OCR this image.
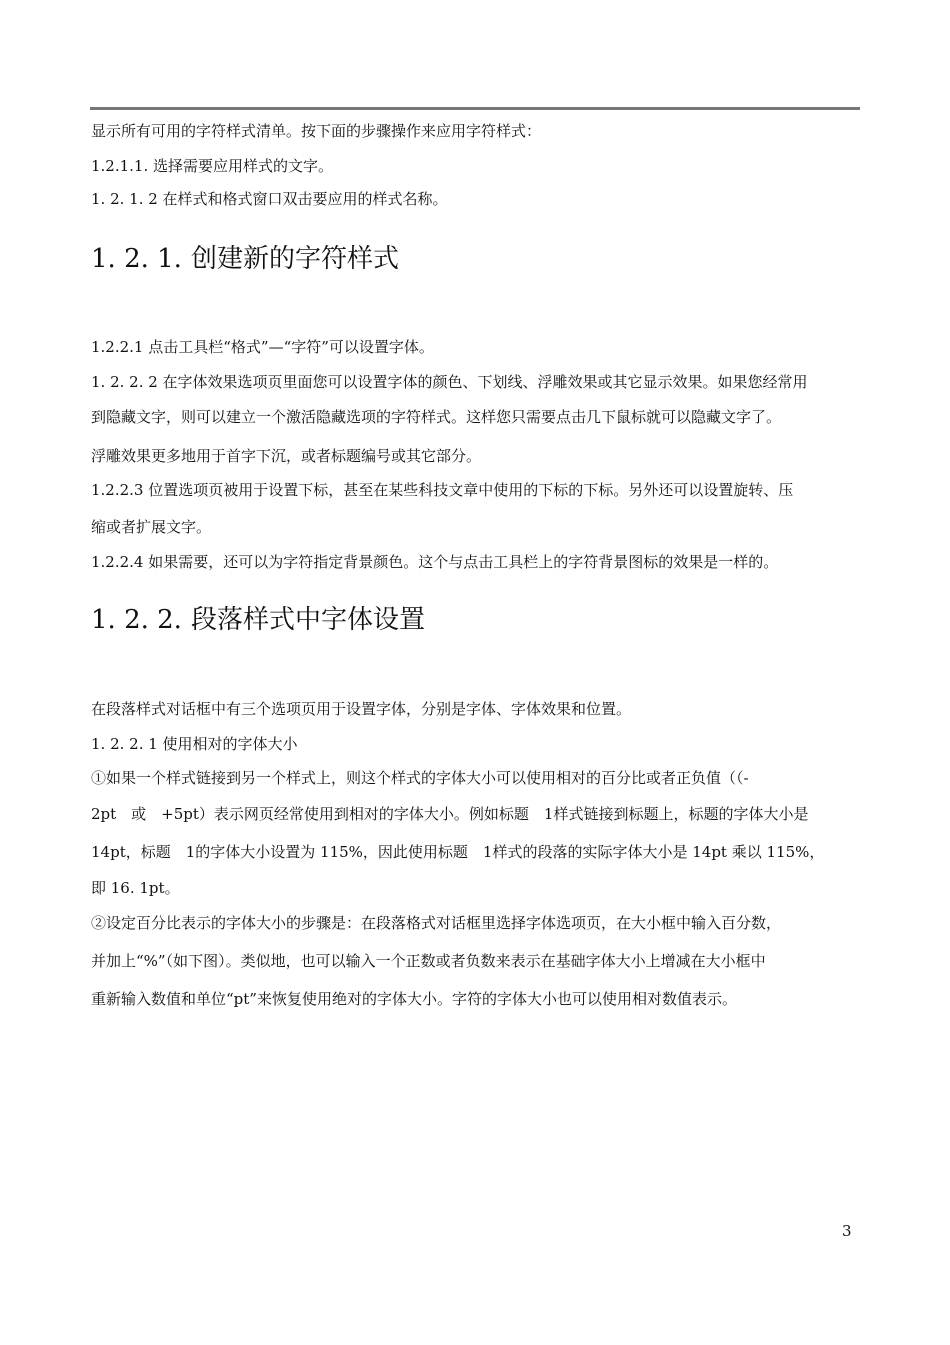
显示所有可用的字符样式清单。按下面的步骤操作来应用字符样式：
1.2.1.1. 选择需要应用样式的文字。
1. 2. 1. 2 在样式和格式窗口双击要应用的样式名称。
1. 2. 1. 创建新的字符样式
1.2.2.1 点击工具栏“格式”—“字符”可以设置字体。
1. 2. 2. 2 在字体效果选项页里面您可以设置字体的颜色、下划线、浮雕效果或其它显示效果。如果您经常用
到隐藏文字，则可以建立一个激活隐藏选项的字符样式。这样您只需要点击几下鼠标就可以隐藏文字了。
浮雕效果更多地用于首字下沉，或者标题编号或其它部分。
1.2.2.3 位置选项页被用于设置下标，甚至在某些科技文章中使用的下标的下标。另外还可以设置旋转、压
缩或者扩展文字。
1.2.2.4 如果需要，还可以为字符指定背景颜色。这个与点击工具栏上的字符背景图标的效果是一样的。
1. 2. 2. 段落样式中字体设置
在段落样式对话框中有三个选项页用于设置字体，分别是字体、字体效果和位置。
1. 2. 2. 1 使用相对的字体大小
①如果一个样式链接到另一个样式上，则这个样式的字体大小可以使用相对的百分比或者正负值（（-
2pt　或　+5pt）表示网页经常使用到相对的字体大小。例如标题　1样式链接到标题上，标题的字体大小是
14pt，标题　1的字体大小设置为 115%，因此使用标题　1样式的段落的实际字体大小是 14pt 乘以 115%，
即 16. 1pt。
②设定百分比表示的字体大小的步骤是：在段落格式对话框里选择字体选项页，在大小框中输入百分数，
并加上“%”（如下图）。类似地，也可以输入一个正数或者负数来表示在基础字体大小上增减在大小框中
重新输入数值和单位“pt”来恢复使用绝对的字体大小。字符的字体大小也可以使用相对数值表示。
3
